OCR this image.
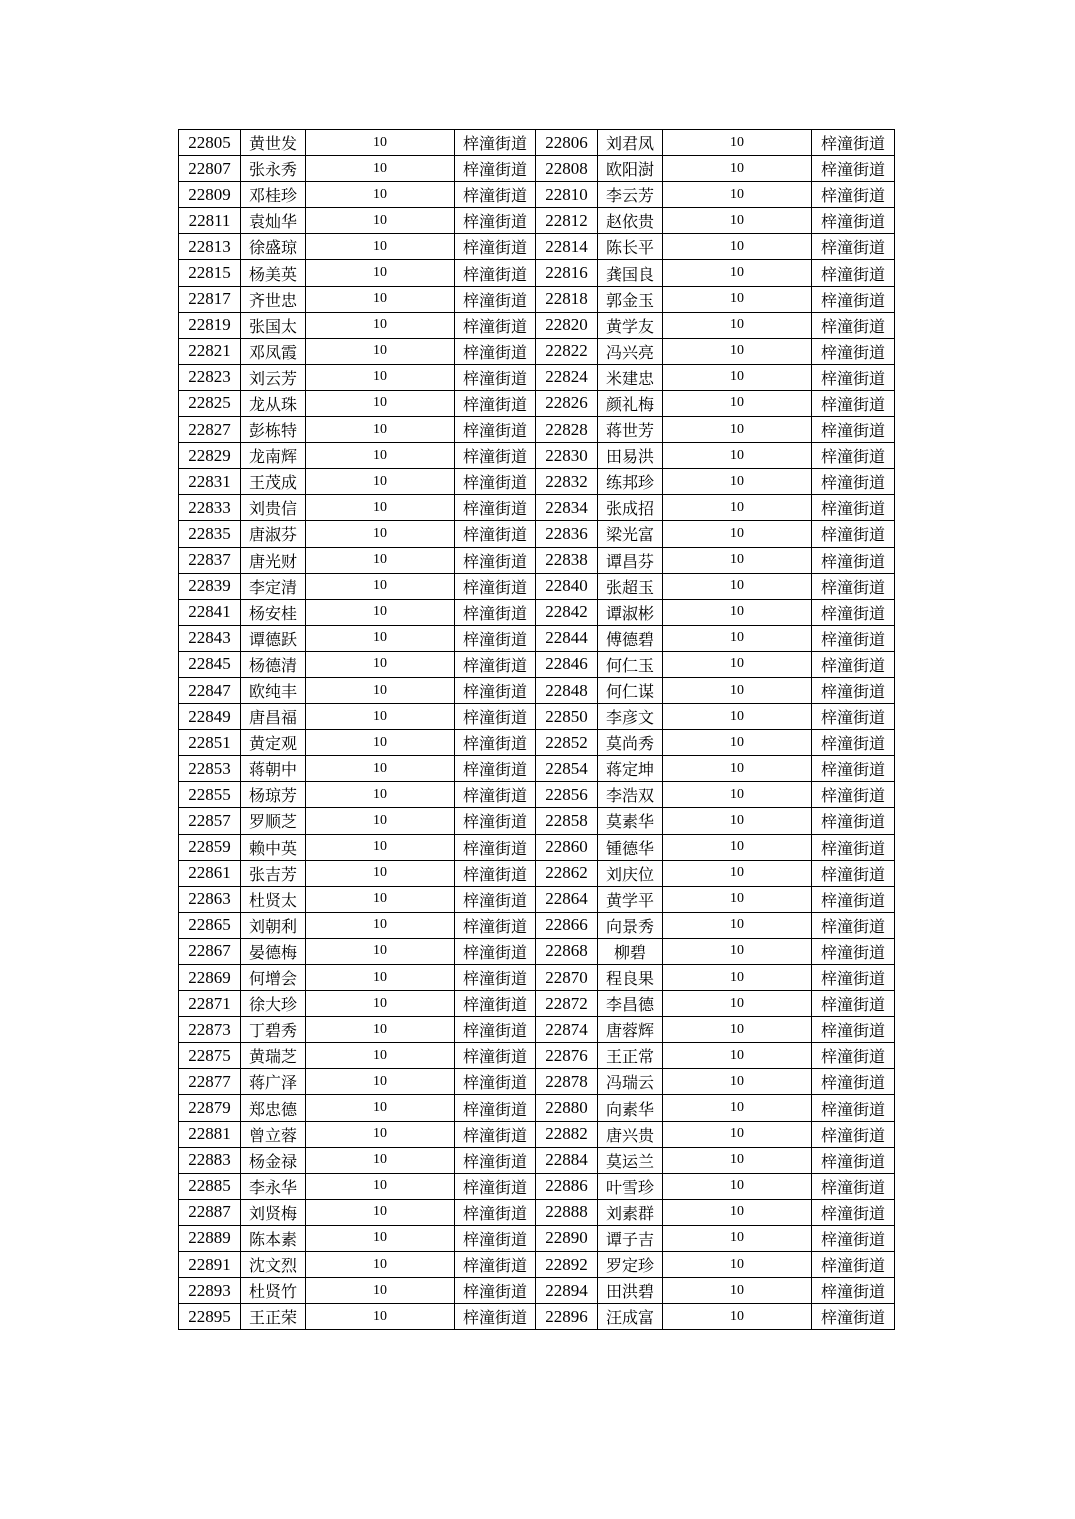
22805	黄世发	10	梓潼街道	22806	刘君凤	10	梓潼街道
22807	张永秀	10	梓潼街道	22808	欧阳澍	10	梓潼街道
22809	邓桂珍	10	梓潼街道	22810	李云芳	10	梓潼街道
22811	袁灿华	10	梓潼街道	22812	赵依贵	10	梓潼街道
22813	徐盛琼	10	梓潼街道	22814	陈长平	10	梓潼街道
22815	杨美英	10	梓潼街道	22816	龚国良	10	梓潼街道
22817	齐世忠	10	梓潼街道	22818	郭金玉	10	梓潼街道
22819	张国太	10	梓潼街道	22820	黄学友	10	梓潼街道
22821	邓凤霞	10	梓潼街道	22822	冯兴亮	10	梓潼街道
22823	刘云芳	10	梓潼街道	22824	米建忠	10	梓潼街道
22825	龙从珠	10	梓潼街道	22826	颜礼梅	10	梓潼街道
22827	彭栋特	10	梓潼街道	22828	蒋世芳	10	梓潼街道
22829	龙南辉	10	梓潼街道	22830	田易洪	10	梓潼街道
22831	王茂成	10	梓潼街道	22832	练邦珍	10	梓潼街道
22833	刘贵信	10	梓潼街道	22834	张成招	10	梓潼街道
22835	唐淑芬	10	梓潼街道	22836	梁光富	10	梓潼街道
22837	唐光财	10	梓潼街道	22838	谭昌芬	10	梓潼街道
22839	李定清	10	梓潼街道	22840	张超玉	10	梓潼街道
22841	杨安桂	10	梓潼街道	22842	谭淑彬	10	梓潼街道
22843	谭德跃	10	梓潼街道	22844	傅德碧	10	梓潼街道
22845	杨德清	10	梓潼街道	22846	何仁玉	10	梓潼街道
22847	欧纯丰	10	梓潼街道	22848	何仁谋	10	梓潼街道
22849	唐昌福	10	梓潼街道	22850	李彦文	10	梓潼街道
22851	黄定观	10	梓潼街道	22852	莫尚秀	10	梓潼街道
22853	蒋朝中	10	梓潼街道	22854	蒋定坤	10	梓潼街道
22855	杨琼芳	10	梓潼街道	22856	李浩双	10	梓潼街道
22857	罗顺芝	10	梓潼街道	22858	莫素华	10	梓潼街道
22859	赖中英	10	梓潼街道	22860	锺德华	10	梓潼街道
22861	张吉芳	10	梓潼街道	22862	刘庆位	10	梓潼街道
22863	杜贤太	10	梓潼街道	22864	黄学平	10	梓潼街道
22865	刘朝利	10	梓潼街道	22866	向景秀	10	梓潼街道
22867	晏德梅	10	梓潼街道	22868	柳碧	10	梓潼街道
22869	何增会	10	梓潼街道	22870	程良果	10	梓潼街道
22871	徐大珍	10	梓潼街道	22872	李昌德	10	梓潼街道
22873	丁碧秀	10	梓潼街道	22874	唐蓉辉	10	梓潼街道
22875	黄瑞芝	10	梓潼街道	22876	王正常	10	梓潼街道
22877	蒋广泽	10	梓潼街道	22878	冯瑞云	10	梓潼街道
22879	郑忠德	10	梓潼街道	22880	向素华	10	梓潼街道
22881	曾立蓉	10	梓潼街道	22882	唐兴贵	10	梓潼街道
22883	杨金禄	10	梓潼街道	22884	莫运兰	10	梓潼街道
22885	李永华	10	梓潼街道	22886	叶雪珍	10	梓潼街道
22887	刘贤梅	10	梓潼街道	22888	刘素群	10	梓潼街道
22889	陈本素	10	梓潼街道	22890	谭子吉	10	梓潼街道
22891	沈文烈	10	梓潼街道	22892	罗定珍	10	梓潼街道
22893	杜贤竹	10	梓潼街道	22894	田洪碧	10	梓潼街道
22895	王正荣	10	梓潼街道	22896	汪成富	10	梓潼街道
